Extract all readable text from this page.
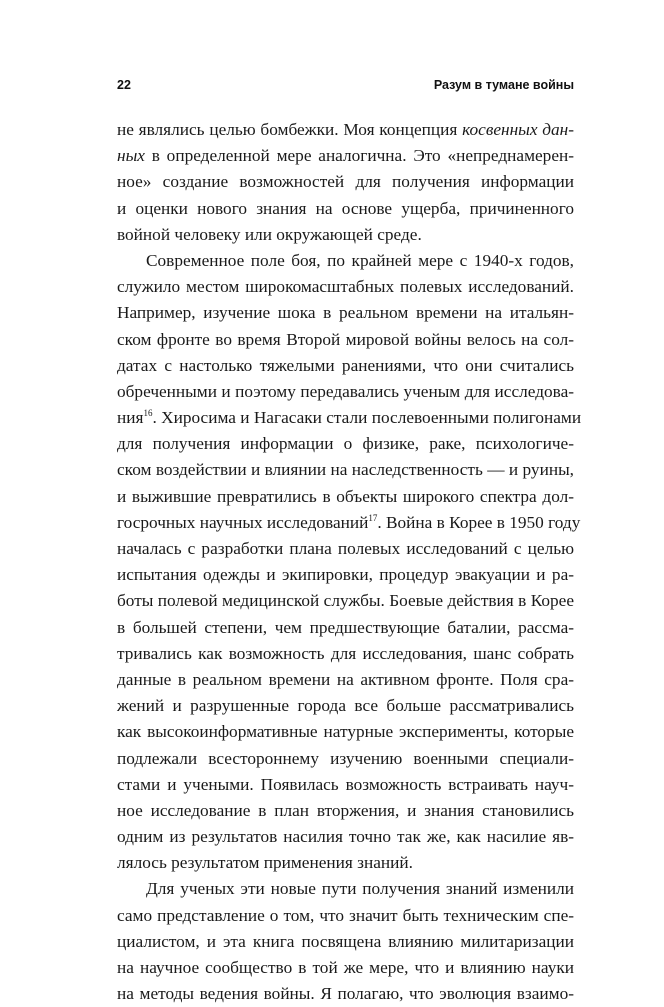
22	Разум в тумане войны
не являлись целью бомбежки. Моя концепция косвенных дан-
ных в определенной мере аналогична. Это «непреднамерен-
ное» создание возможностей для получения информации
и оценки нового знания на основе ущерба, причиненного
войной человеку или окружающей среде.
Современное поле боя, по крайней мере с 1940-х годов,
служило местом широкомасштабных полевых исследований.
Например, изучение шока в реальном времени на итальян-
ском фронте во время Второй мировой войны велось на сол-
датах с настолько тяжелыми ранениями, что они считались
обреченными и поэтому передавались ученым для исследова-
ния$^{16}$. Хиросима и Нагасаки стали послевоенными полигонами
для получения информации о физике, раке, психологиче-
ском воздействии и влиянии на наследственность — и руины,
и выжившие превратились в объекты широкого спектра дол-
госрочных научных исследований$^{17}$. Война в Корее в 1950 году
началась с разработки плана полевых исследований с целью
испытания одежды и экипировки, процедур эвакуации и ра-
боты полевой медицинской службы. Боевые действия в Корее
в большей степени, чем предшествующие баталии, рассма-
тривались как возможность для исследования, шанс собрать
данные в реальном времени на активном фронте. Поля сра-
жений и разрушенные города все больше рассматривались
как высокоинформативные натурные эксперименты, которые
подлежали всестороннему изучению военными специали-
стами и учеными. Появилась возможность встраивать науч-
ное исследование в план вторжения, и знания становились
одним из результатов насилия точно так же, как насилие яв-
лялось результатом применения знаний.
Для ученых эти новые пути получения знаний изменили
само представление о том, что значит быть техническим спе-
циалистом, и эта книга посвящена влиянию милитаризации
на научное сообщество в той же мере, что и влиянию науки
на методы ведения войны. Я полагаю, что эволюция взаимо-
